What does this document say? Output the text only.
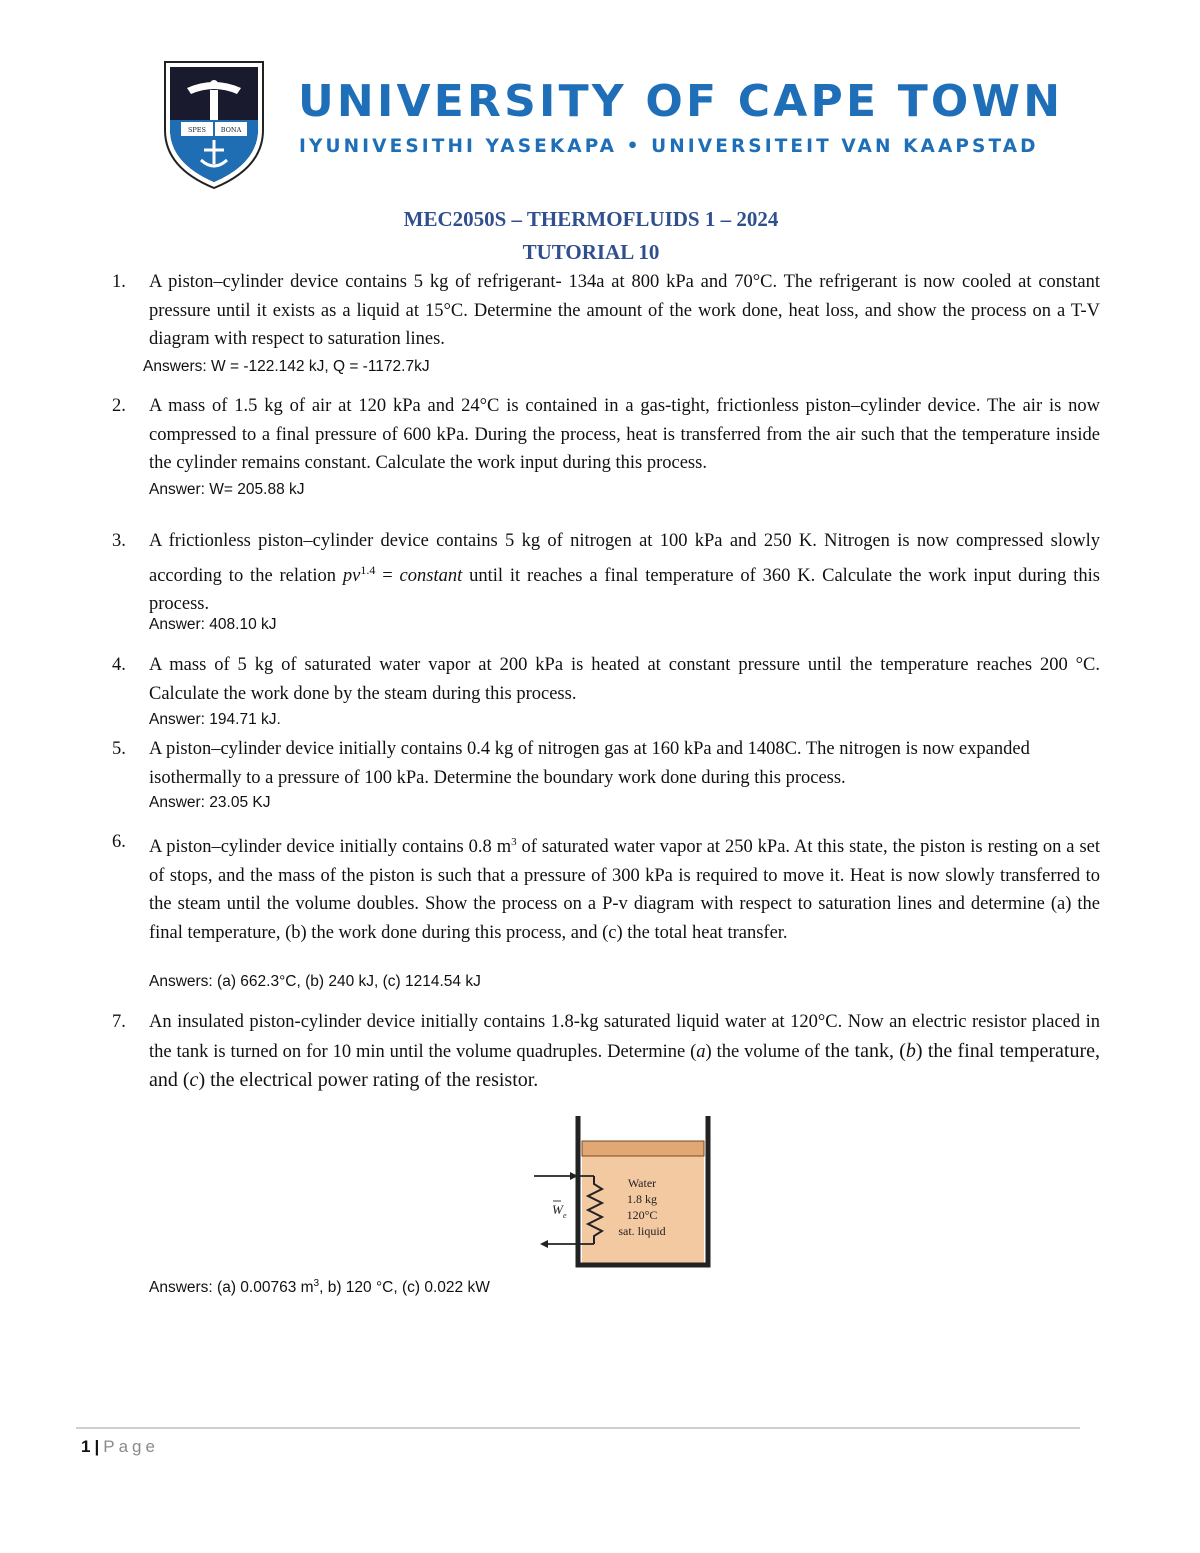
SPES BONA
UNIVERSITY OF CAPE TOWN

IYUNIVESITHI YASEKAPA • UNIVERSITEIT VAN KAAPSTAD

MEC2050S – THERMOFLUIDS 1 – 2024

TUTORIAL 10

1.	A piston–cylinder device contains 5 kg of refrigerant- 134a at 800 kPa and 70°C. The refrigerant is now cooled at constant pressure until it exists as a liquid at 15°C. Determine the amount of the work done, heat loss, and show the process on a T-V diagram with respect to saturation lines.

Answers: W = -122.142 kJ, Q = -1172.7kJ

2.	A mass of 1.5 kg of air at 120 kPa and 24°C is contained in a gas-tight, frictionless piston–cylinder device. The air is now compressed to a final pressure of 600 kPa. During the process, heat is transferred from the air such that the temperature inside the cylinder remains constant. Calculate the work input during this process.

Answer: W= 205.88 kJ

3.	A frictionless piston–cylinder device contains 5 kg of nitrogen at 100 kPa and 250 K. Nitrogen is now compressed slowly according to the relation $pv^{1.4}$ = constant until it reaches a final temperature of 360 K. Calculate the work input during this process.

Answer: 408.10 kJ

4.	A mass of 5 kg of saturated water vapor at 200 kPa is heated at constant pressure until the temperature reaches 200 °C. Calculate the work done by the steam during this process.

Answer: 194.71 kJ.

5.	A piston–cylinder device initially contains 0.4 kg of nitrogen gas at 160 kPa and 1408C. The nitrogen is now expanded isothermally to a pressure of 100 kPa. Determine the boundary work done during this process.

Answer: 23.05 KJ

6.	A piston–cylinder device initially contains 0.8 $m^3$ of saturated water vapor at 250 kPa. At this state, the piston is resting on a set of stops, and the mass of the piston is such that a pressure of 300 kPa is required to move it. Heat is now slowly transferred to the steam until the volume doubles. Show the process on a P-v diagram with respect to saturation lines and determine (a) the final temperature, (b) the work done during this process, and (c) the total heat transfer.

Answers: (a) 662.3°C, (b) 240 kJ, (c) 1214.54 kJ

7.	An insulated piston-cylinder device initially contains 1.8-kg saturated liquid water at 120°C. Now an electric resistor placed in the tank is turned on for 10 min until the volume quadruples. Determine (a) the volume of the tank, (b) the final temperature, and (c) the electrical power rating of the resistor.

Answers: (a) 0.00763 $m^3$, b) 120 °C, (c) 0.022 kW

W e
Water
1.8 kg
120°C
sat. liquid

1 | Page
